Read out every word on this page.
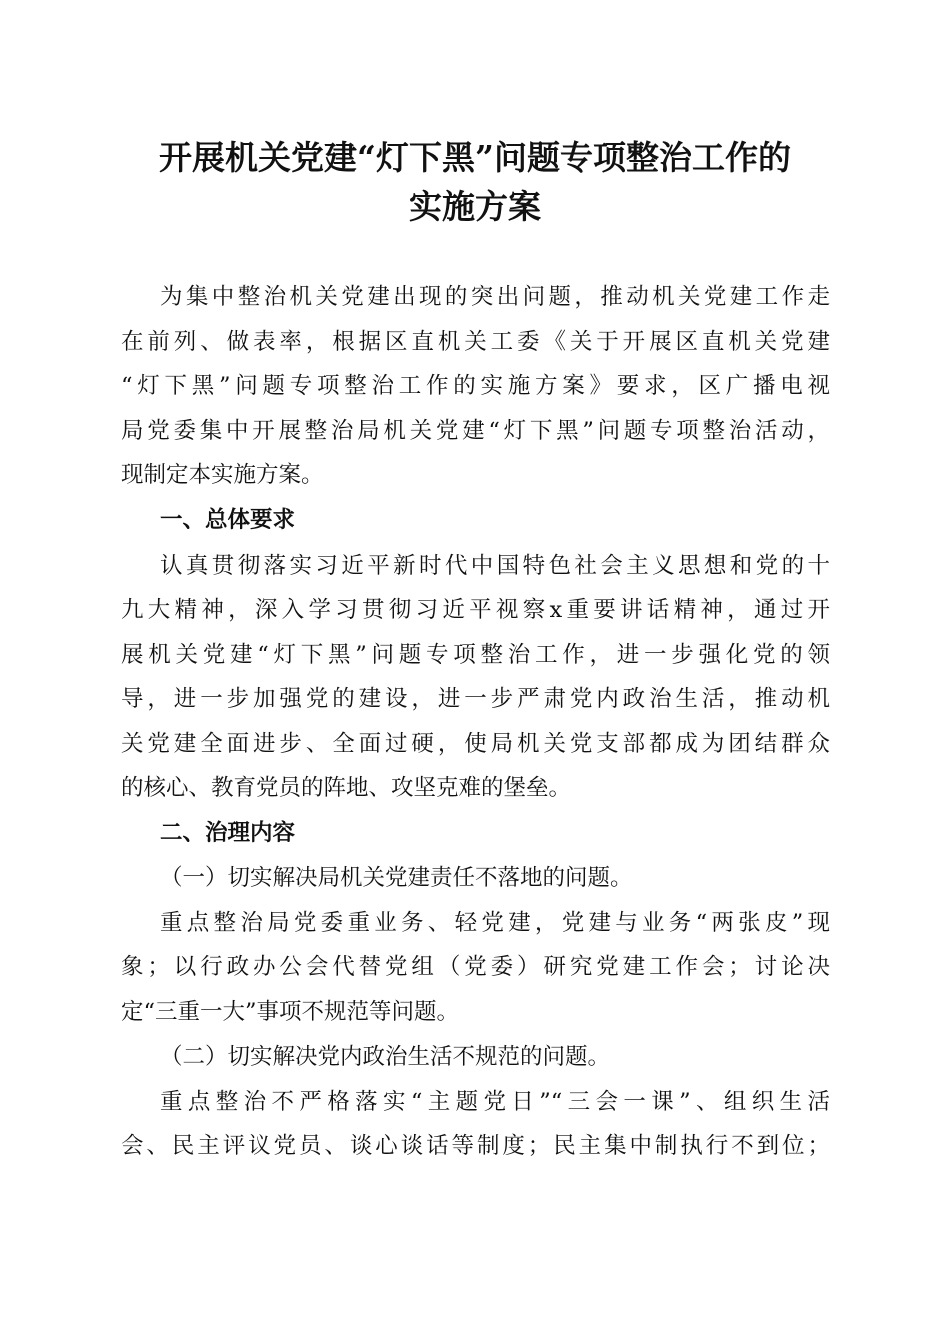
开展机关党建“灯下黑”问题专项整治工作的
实施方案
为集中整治机关党建出现的突出问题，推动机关党建工作走
在前列、做表率，根据区直机关工委《关于开展区直机关党建
“灯下黑”问题专项整治工作的实施方案》要求，区广播电视
局党委集中开展整治局机关党建“灯下黑”问题专项整治活动，
现制定本实施方案。
一、总体要求
认真贯彻落实习近平新时代中国特色社会主义思想和党的十
九大精神，深入学习贯彻习近平视察x重要讲话精神，通过开
展机关党建“灯下黑”问题专项整治工作，进一步强化党的领
导，进一步加强党的建设，进一步严肃党内政治生活，推动机
关党建全面进步、全面过硬，使局机关党支部都成为团结群众
的核心、教育党员的阵地、攻坚克难的堡垒。
二、治理内容
（一）切实解决局机关党建责任不落地的问题。
重点整治局党委重业务、轻党建，党建与业务“两张皮”现
象；以行政办公会代替党组（党委）研究党建工作会；讨论决
定“三重一大”事项不规范等问题。
（二）切实解决党内政治生活不规范的问题。
重点整治不严格落实“主题党日”“三会一课”、组织生活
会、民主评议党员、谈心谈话等制度；民主集中制执行不到位；
